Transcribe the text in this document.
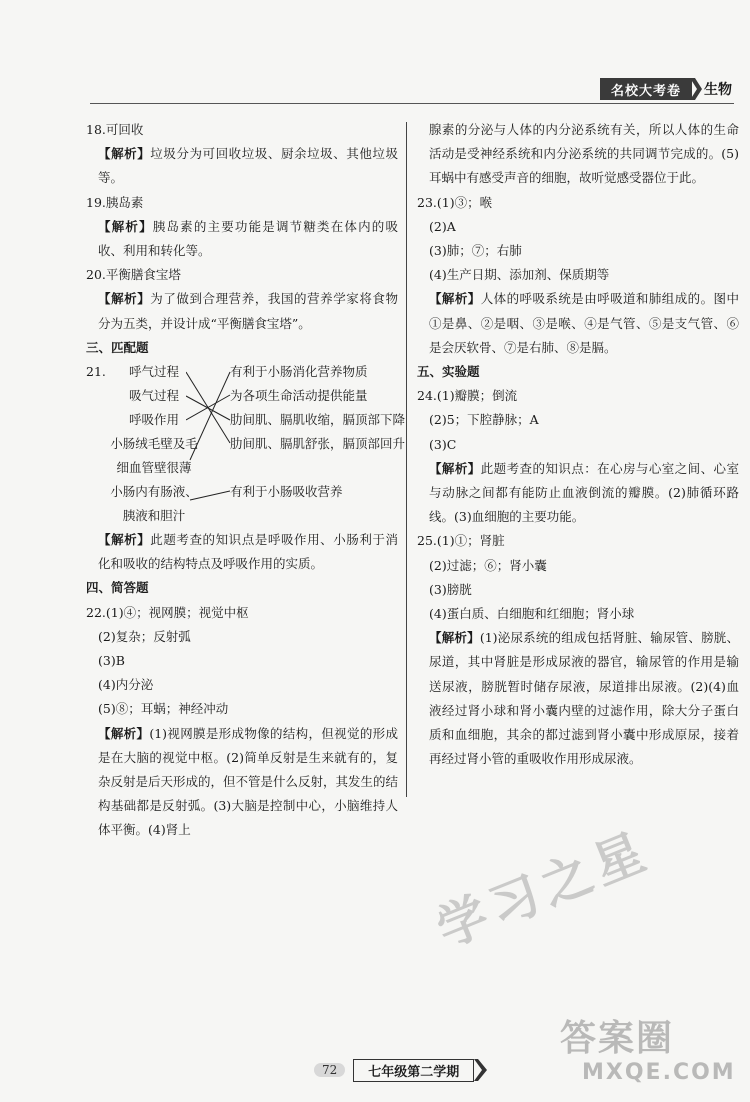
名校大考卷	生物
18.可回收
【解析】垃圾分为可回收垃圾、厨余垃圾、其他垃圾等。
19.胰岛素
【解析】胰岛素的主要功能是调节糖类在体内的吸收、利用和转化等。
20.平衡膳食宝塔
【解析】为了做到合理营养，我国的营养学家将食物分为五类，并设计成“平衡膳食宝塔”。
三、匹配题
21.	呼气过程
吸气过程
呼吸作用
小肠绒毛壁及毛
细血管壁很薄
小肠内有肠液、
胰液和胆汁
有利于小肠消化营养物质
为各项生命活动提供能量
肋间肌、膈肌收缩，膈顶部下降
肋间肌、膈肌舒张，膈顶部回升
有利于小肠吸收营养
【解析】此题考查的知识点是呼吸作用、小肠利于消化和吸收的结构特点及呼吸作用的实质。
四、简答题
22.(1)④；视网膜；视觉中枢
(2)复杂；反射弧
(3)B
(4)内分泌
(5)⑧；耳蜗；神经冲动
【解析】(1)视网膜是形成物像的结构，但视觉的形成是在大脑的视觉中枢。(2)简单反射是生来就有的，复杂反射是后天形成的，但不管是什么反射，其发生的结构基础都是反射弧。(3)大脑是控制中心，小脑维持人体平衡。(4)肾上
腺素的分泌与人体的内分泌系统有关，所以人体的生命活动是受神经系统和内分泌系统的共同调节完成的。(5)耳蜗中有感受声音的细胞，故听觉感受器位于此。
23.(1)③；喉
(2)A
(3)肺；⑦；右肺
(4)生产日期、添加剂、保质期等
【解析】人体的呼吸系统是由呼吸道和肺组成的。图中①是鼻、②是咽、③是喉、④是气管、⑤是支气管、⑥是会厌软骨、⑦是右肺、⑧是膈。
五、实验题
24.(1)瓣膜；倒流
(2)5；下腔静脉；A
(3)C
【解析】此题考查的知识点：在心房与心室之间、心室与动脉之间都有能防止血液倒流的瓣膜。(2)肺循环路线。(3)血细胞的主要功能。
25.(1)①；肾脏
(2)过滤；⑥；肾小囊
(3)膀胱
(4)蛋白质、白细胞和红细胞；肾小球
【解析】(1)泌尿系统的组成包括肾脏、输尿管、膀胱、尿道，其中肾脏是形成尿液的器官，输尿管的作用是输送尿液，膀胱暂时储存尿液，尿道排出尿液。(2)(4)血液经过肾小球和肾小囊内壁的过滤作用，除大分子蛋白质和血细胞，其余的都过滤到肾小囊中形成原尿，接着再经过肾小管的重吸收作用形成尿液。
学习之星
答案圈
MXQE.COM
72	七年级第二学期
